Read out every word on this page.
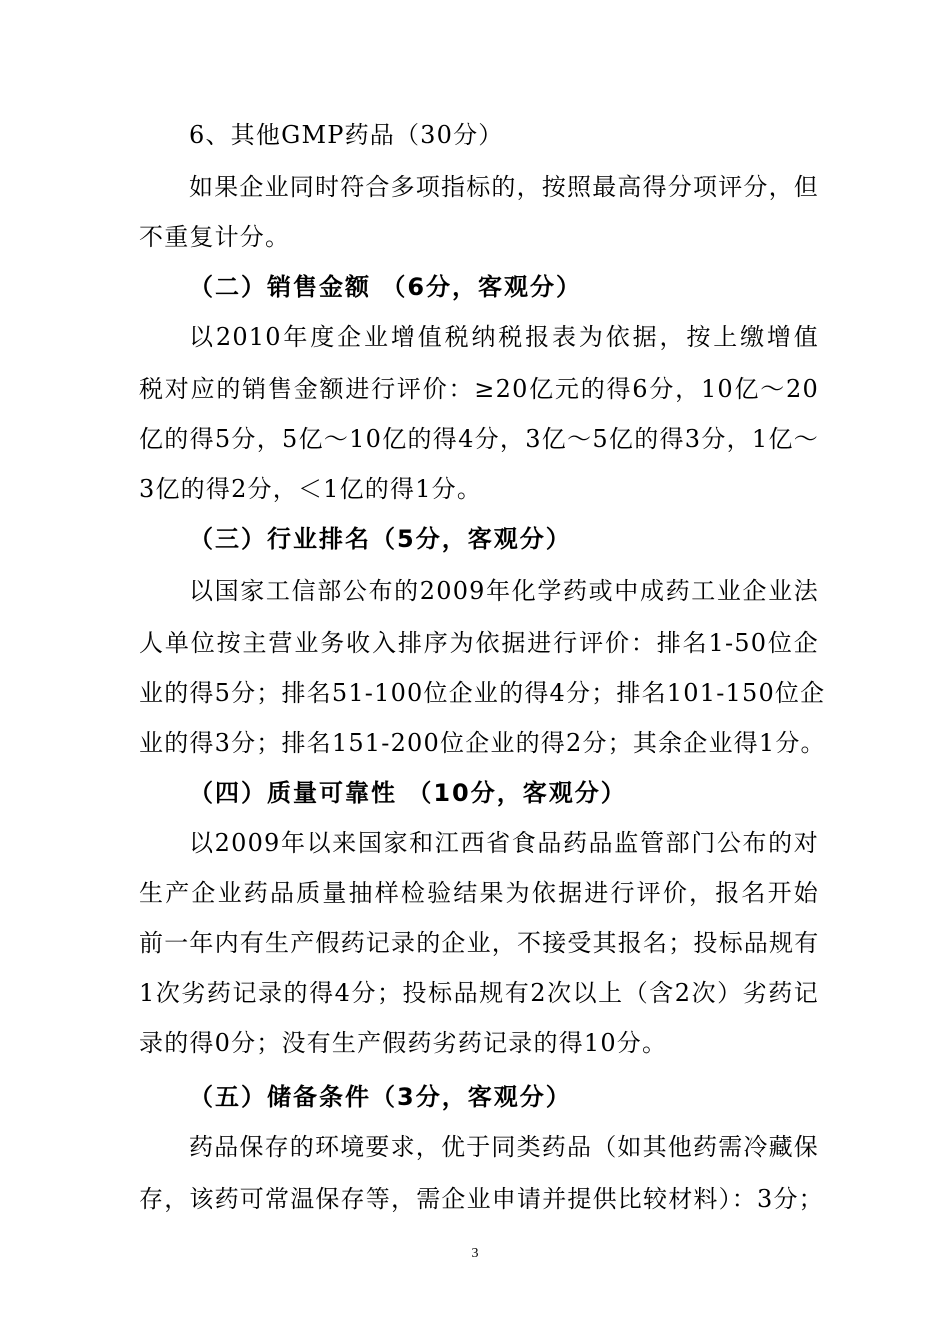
6、其他GMP药品（30分）
如果企业同时符合多项指标的，按照最高得分项评分，但
不重复计分。
（二）销售金额 （6分，客观分）
以2010年度企业增值税纳税报表为依据，按上缴增值
税对应的销售金额进行评价：≥20亿元的得6分，10亿～20
亿的得5分，5亿～10亿的得4分，3亿～5亿的得3分，1亿～
3亿的得2分，＜1亿的得1分。
（三）行业排名（5分，客观分）
以国家工信部公布的2009年化学药或中成药工业企业法
人单位按主营业务收入排序为依据进行评价：排名1-50位企
业的得5分；排名51-100位企业的得4分；排名101-150位企
业的得3分；排名151-200位企业的得2分；其余企业得1分。
（四）质量可靠性 （10分，客观分）
以2009年以来国家和江西省食品药品监管部门公布的对
生产企业药品质量抽样检验结果为依据进行评价，报名开始
前一年内有生产假药记录的企业，不接受其报名；投标品规有
1次劣药记录的得4分；投标品规有2次以上（含2次）劣药记
录的得0分；没有生产假药劣药记录的得10分。
（五）储备条件（3分，客观分）
药品保存的环境要求，优于同类药品（如其他药需冷藏保
存，该药可常温保存等，需企业申请并提供比较材料）：3分；
3
